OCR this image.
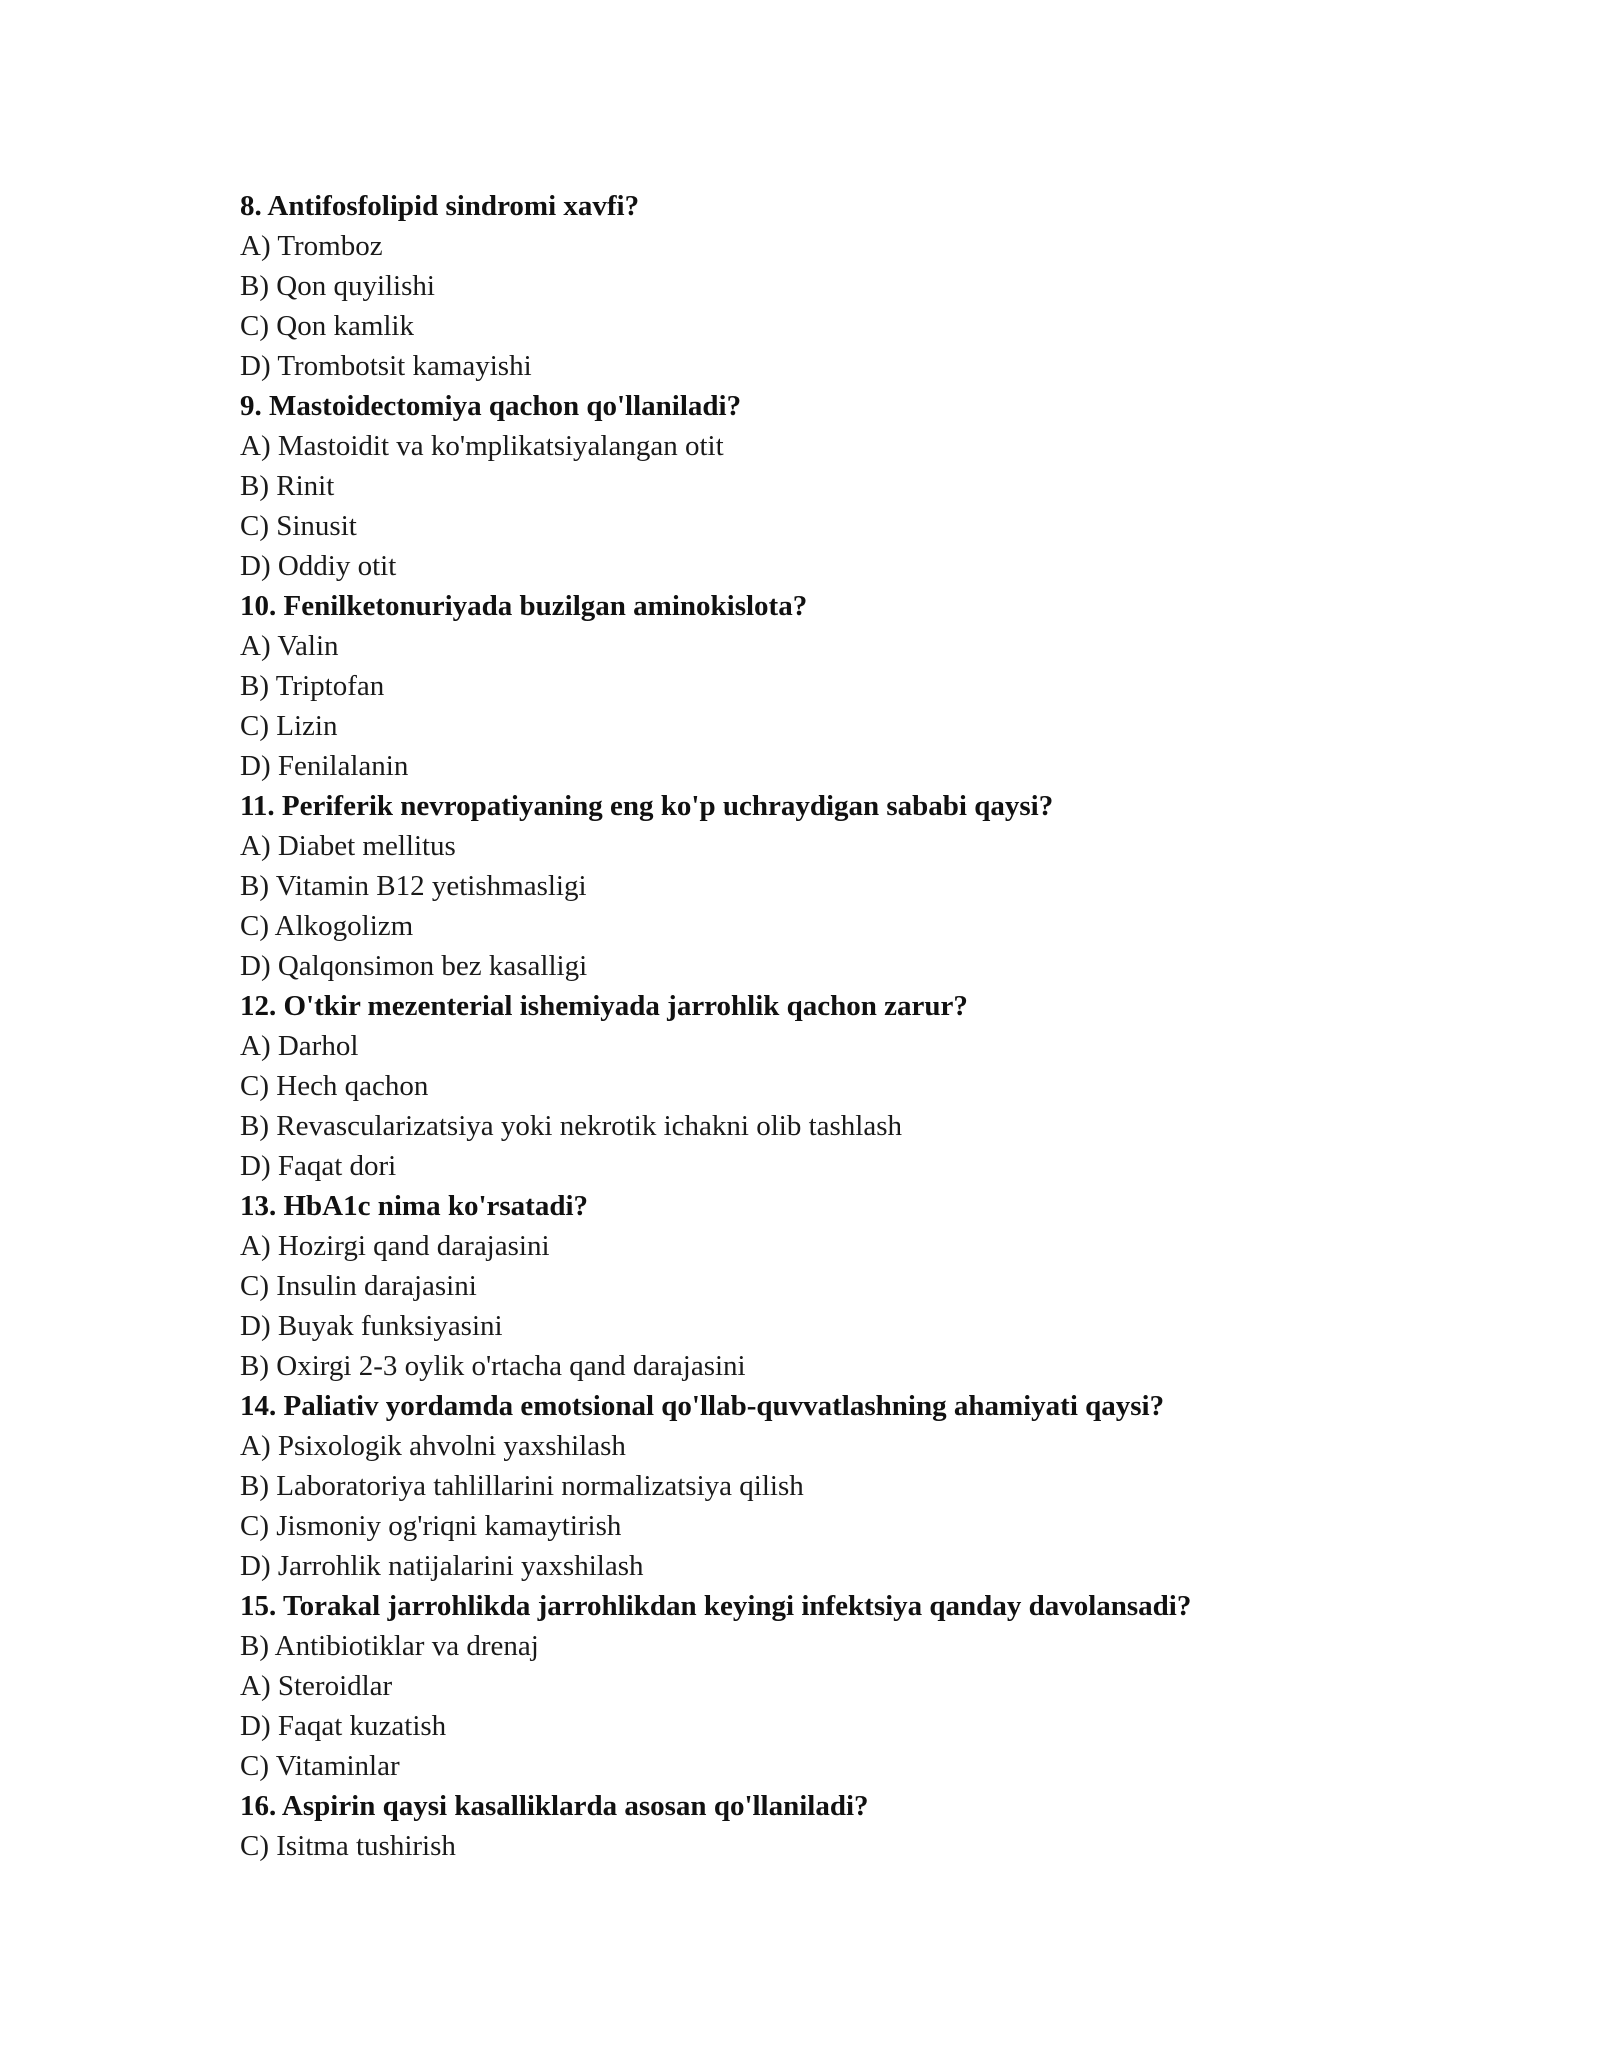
8. Antifosfolipid sindromi xavfi?
A) Tromboz
B) Qon quyilishi
C) Qon kamlik
D) Trombotsit kamayishi
9. Mastoidectomiya qachon qo'llaniladi?
A) Mastoidit va ko'mplikatsiyalangan otit
B) Rinit
C) Sinusit
D) Oddiy otit
10. Fenilketonuriyada buzilgan aminokislota?
A) Valin
B) Triptofan
C) Lizin
D) Fenilalanin
11. Periferik nevropatiyaning eng ko'p uchraydigan sababi qaysi?
A) Diabet mellitus
B) Vitamin B12 yetishmasligi
C) Alkogolizm
D) Qalqonsimon bez kasalligi
12. O'tkir mezenterial ishemiyada jarrohlik qachon zarur?
A) Darhol
C) Hech qachon
B) Revascularizatsiya yoki nekrotik ichakni olib tashlash
D) Faqat dori
13. HbA1c nima ko'rsatadi?
A) Hozirgi qand darajasini
C) Insulin darajasini
D) Buyak funksiyasini
B) Oxirgi 2-3 oylik o'rtacha qand darajasini
14. Paliativ yordamda emotsional qo'llab-quvvatlashning ahamiyati qaysi?
A) Psixologik ahvolni yaxshilash
B) Laboratoriya tahlillarini normalizatsiya qilish
C) Jismoniy og'riqni kamaytirish
D) Jarrohlik natijalarini yaxshilash
15. Torakal jarrohlikda jarrohlikdan keyingi infektsiya qanday davolansadi?
B) Antibiotiklar va drenaj
A) Steroidlar
D) Faqat kuzatish
C) Vitaminlar
16. Aspirin qaysi kasalliklarda asosan qo'llaniladi?
C) Isitma tushirish
